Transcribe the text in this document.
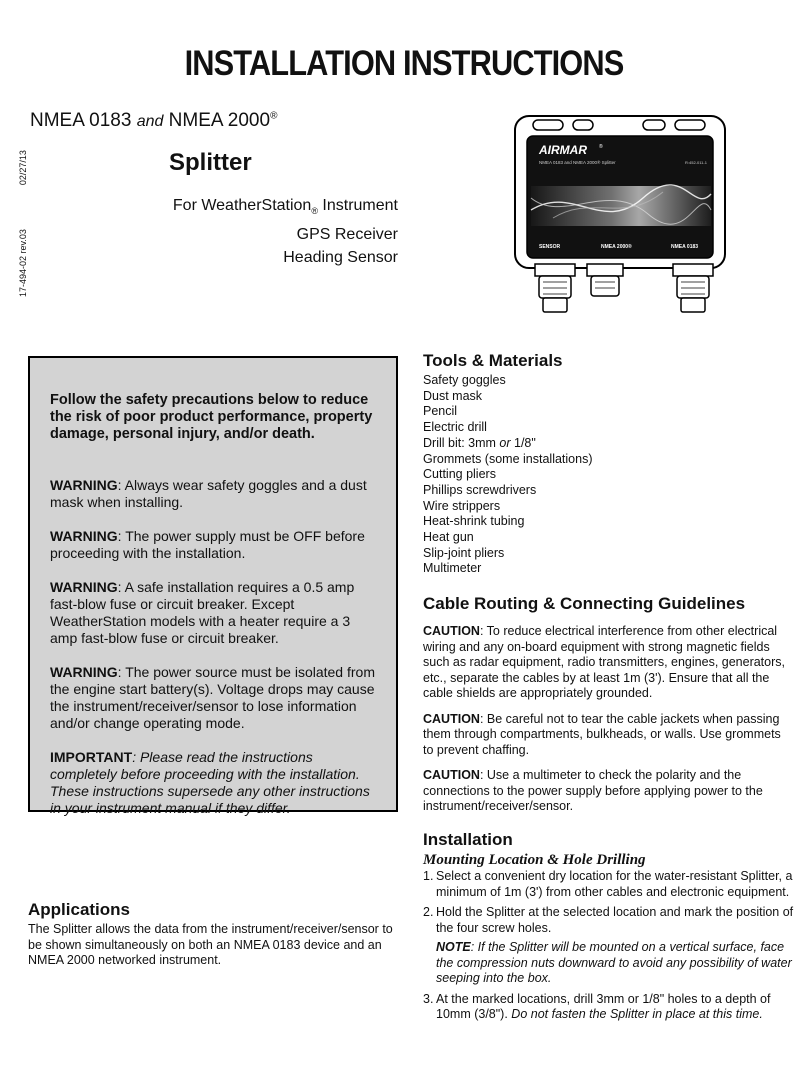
INSTALLATION INSTRUCTIONS
NMEA 0183 and NMEA 2000®
17-494-02 rev.0302/27/13	Splitter
For WeatherStation$_®$ Instrument
GPS Receiver
Heading Sensor
AIRMAR ®
NMEA 0183 and NMEA 2000® Splitter	R:452-011-1
SENSOR	NMEA 2000®	NMEA 0183

Follow the safety precautions below to reduce the risk of poor product performance, property damage, personal injury, and/or death.

WARNING: Always wear safety goggles and a dust mask when installing.

WARNING: The power supply must be OFF before proceeding with the installation.

WARNING: A safe installation requires a 0.5 amp fast-blow fuse or circuit breaker. Except WeatherStation models with a heater require a 3 amp fast-blow fuse or circuit breaker.

WARNING: The power source must be isolated from the engine start battery(s). Voltage drops may cause the instrument/receiver/sensor to lose information and/or change operating mode.

IMPORTANT: Please read the instructions completely before proceeding with the installation. These instructions supersede any other instructions in your instrument manual if they differ.

Applications
The Splitter allows the data from the instrument/receiver/sensor to be shown simultaneously on both an NMEA 0183 device and an NMEA 2000 networked instrument.
Tools & Materials
Safety goggles
Dust mask
Pencil
Electric drill
Drill bit: 3mm or 1/8"
Grommets (some installations)
Cutting pliers
Phillips screwdrivers
Wire strippers
Heat-shrink tubing
Heat gun
Slip-joint pliers
Multimeter
Cable Routing & Connecting Guidelines

CAUTION: To reduce electrical interference from other electrical wiring and any on-board equipment with strong magnetic fields such as radar equipment, radio transmitters, engines, generators, etc., separate the cables by at least 1m (3'). Ensure that all the cable shields are appropriately grounded.

CAUTION: Be careful not to tear the cable jackets when passing them through compartments, bulkheads, or walls. Use grommets to prevent chaffing.

CAUTION: Use a multimeter to check the polarity and the connections to the power supply before applying power to the instrument/receiver/sensor.

Installation
Mounting Location & Hole Drilling
1. Select a convenient dry location for the water-resistant Splitter, a minimum of 1m (3') from other cables and electronic equipment.
2. Hold the Splitter at the selected location and mark the position of the four screw holes.

NOTE: If the Splitter will be mounted on a vertical surface, face the compression nuts downward to avoid any possibility of water seeping into the box.

3. At the marked locations, drill 3mm or 1/8" holes to a depth of 10mm (3/8"). Do not fasten the Splitter in place at this time.
